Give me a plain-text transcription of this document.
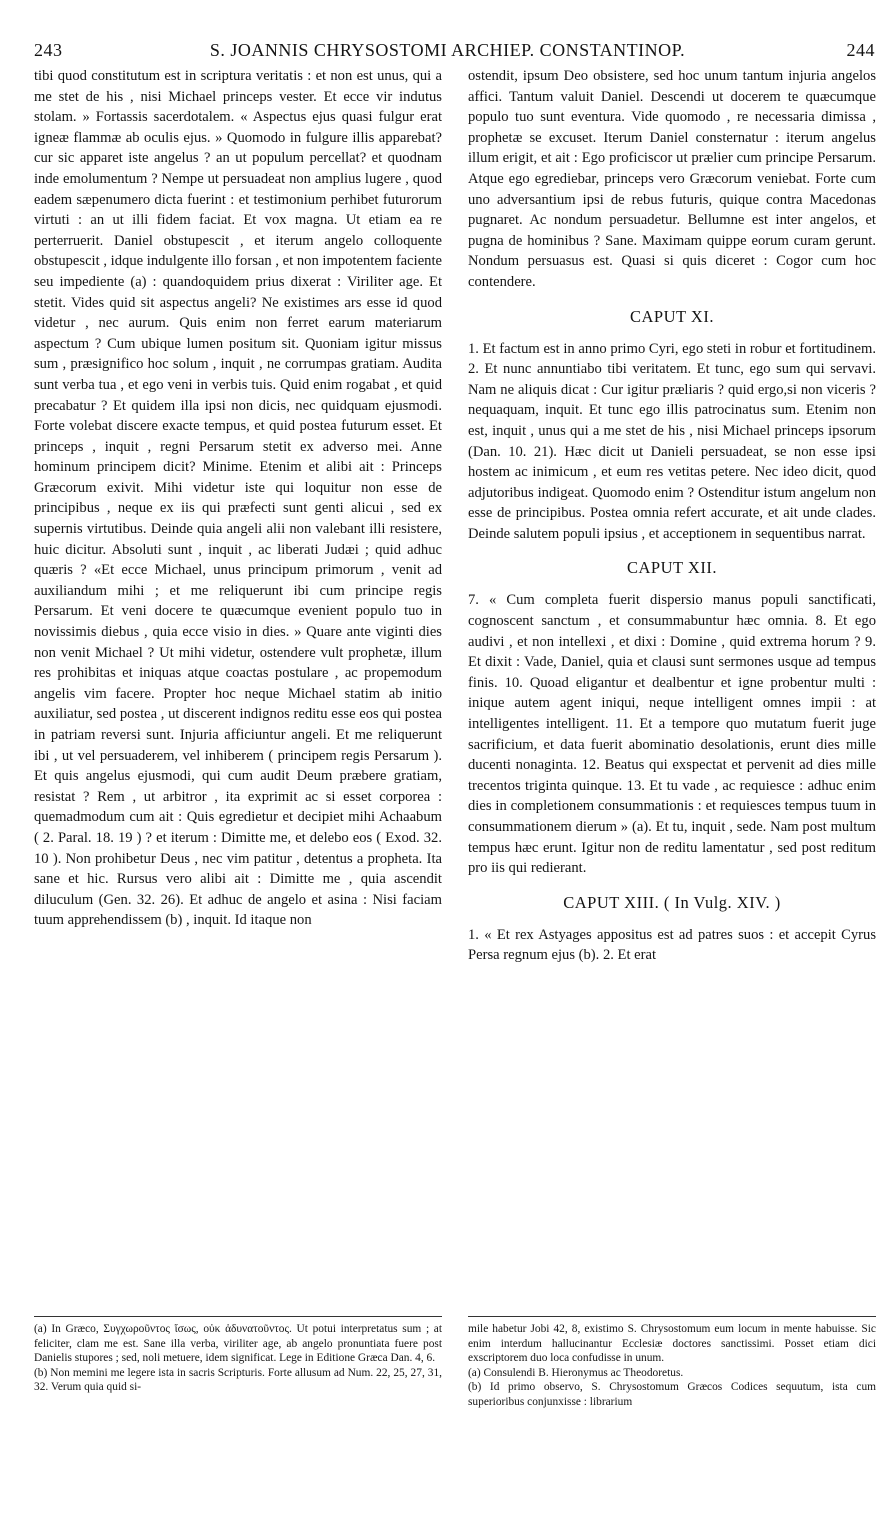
243	S. JOANNIS CHRYSOSTOMI ARCHIEP. CONSTANTINOP.	244

tibi quod constitutum est in scriptura veritatis : et non est unus, qui a me stet de his , nisi Michael princeps vester. Et ecce vir indutus stolam. » Fortassis sacerdotalem. « Aspectus ejus quasi fulgur erat igneæ flammæ ab oculis ejus. » Quomodo in fulgure illis apparebat? cur sic apparet iste angelus ? an ut populum percellat? et quodnam inde emolumentum ? Nempe ut persuadeat non amplius lugere , quod eadem sæpenumero dicta fuerint : et testimonium perhibet futurorum virtuti : an ut illi fidem faciat. Et vox magna. Ut etiam ea re perterruerit. Daniel obstupescit , et iterum angelo colloquente obstupescit , idque indulgente illo forsan , et non impotentem faciente seu impediente (a) : quandoquidem prius dixerat : Viriliter age. Et stetit. Vides quid sit aspectus angeli? Ne existimes ars esse id quod videtur , nec aurum. Quis enim non ferret earum materiarum aspectum ? Cum ubique lumen positum sit. Quoniam igitur missus sum , præsignifico hoc solum , inquit , ne corrumpas gratiam. Audita sunt verba tua , et ego veni in verbis tuis. Quid enim rogabat , et quid precabatur ? Et quidem illa ipsi non dicis, nec quidquam ejusmodi. Forte volebat discere exacte tempus, et quid postea futurum esset. Et princeps , inquit , regni Persarum stetit ex adverso mei. Anne hominum principem dicit? Minime. Etenim et alibi ait : Princeps Græcorum exivit. Mihi videtur iste qui loquitur non esse de principibus , neque ex iis qui præfecti sunt genti alicui , sed ex supernis virtutibus. Deinde quia angeli alii non valebant illi resistere, huic dicitur. Absoluti sunt , inquit , ac liberati Judæi ; quid adhuc quæris ? «Et ecce Michael, unus principum primorum , venit ad auxiliandum mihi ; et me reliquerunt ibi cum principe regis Persarum. Et veni docere te quæcumque evenient populo tuo in novissimis diebus , quia ecce visio in dies. » Quare ante viginti dies non venit Michael ? Ut mihi videtur, ostendere vult prophetæ, illum res prohibitas et iniquas atque coactas postulare , ac propemodum angelis vim facere. Propter hoc neque Michael statim ab initio auxiliatur, sed postea , ut discerent indignos reditu esse eos qui postea in patriam reversi sunt. Injuria afficiuntur angeli. Et me reliquerunt ibi , ut vel persuaderem, vel inhiberem ( principem regis Persarum ). Et quis angelus ejusmodi, qui cum audit Deum præbere gratiam, resistat ? Rem , ut arbitror , ita exprimit ac si esset corporea : quemadmodum cum ait : Quis egredietur et decipiet mihi Achaabum ( 2. Paral. 18. 19 ) ? et iterum : Dimitte me, et delebo eos ( Exod. 32. 10 ). Non prohibetur Deus , nec vim patitur , detentus a propheta. Ita sane et hic. Rursus vero alibi ait : Dimitte me , quia ascendit diluculum (Gen. 32. 26). Et adhuc de angelo et asina : Nisi faciam tuum apprehendissem (b) , inquit. Id itaque non

(a) In Græco, Συγχωροῦντος ἴσως, οὐκ ἀδυνατοῦντος. Ut potui interpretatus sum ; at feliciter, clam me est. Sane illa verba, viriliter age, ab angelo pronuntiata fuere post Danielis stupores ; sed, noli metuere, idem significat. Lege in Editione Græca Dan. 4, 6.
(b) Non memini me legere ista in sacris Scripturis. Forte allusum ad Num. 22, 25, 27, 31, 32. Verum quia quid si-

ostendit, ipsum Deo obsistere, sed hoc unum tantum injuria angelos affici. Tantum valuit Daniel. Descendi ut docerem te quæcumque populo tuo sunt eventura. Vide quomodo , re necessaria dimissa , prophetæ se excuset. Iterum Daniel consternatur : iterum angelus illum erigit, et ait : Ego proficiscor ut prælier cum principe Persarum. Atque ego egrediebar, princeps vero Græcorum veniebat. Forte cum uno adversantium ipsi de rebus futuris, quique contra Macedonas pugnaret. Ac nondum persuadetur. Bellumne est inter angelos, et pugna de hominibus ? Sane. Maximam quippe eorum curam gerunt. Nondum persuasus est. Quasi si quis diceret : Cogor cum hoc contendere.

CAPUT XI.

1. Et factum est in anno primo Cyri, ego steti in robur et fortitudinem. 2. Et nunc annuntiabo tibi veritatem. Et tunc, ego sum qui servavi. Nam ne aliquis dicat : Cur igitur præliaris ? quid ergo,si non viceris ? nequaquam, inquit. Et tunc ego illis patrocinatus sum. Etenim non est, inquit , unus qui a me stet de his , nisi Michael princeps ipsorum (Dan. 10. 21). Hæc dicit ut Danieli persuadeat, se non esse ipsi hostem ac inimicum , et eum res vetitas petere. Nec ideo dicit, quod adjutoribus indigeat. Quomodo enim ? Ostenditur istum angelum non esse de principibus. Postea omnia refert accurate, et ait unde clades. Deinde salutem populi ipsius , et acceptionem in sequentibus narrat.

CAPUT XII.

7. « Cum completa fuerit dispersio manus populi sanctificati, cognoscent sanctum , et consummabuntur hæc omnia. 8. Et ego audivi , et non intellexi , et dixi : Domine , quid extrema horum ? 9. Et dixit : Vade, Daniel, quia et clausi sunt sermones usque ad tempus finis. 10. Quoad eligantur et dealbentur et igne probentur multi : inique autem agent iniqui, neque intelligent omnes impii : at intelligentes intelligent. 11. Et a tempore quo mutatum fuerit juge sacrificium, et data fuerit abominatio desolationis, erunt dies mille ducenti nonaginta. 12. Beatus qui exspectat et pervenit ad dies mille trecentos triginta quinque. 13. Et tu vade , ac requiesce : adhuc enim dies in completionem consummationis : et requiesces tempus tuum in consummationem dierum » (a). Et tu, inquit , sede. Nam post multum tempus hæc erunt. Igitur non de reditu lamentatur , sed post reditum pro iis qui redierant.

CAPUT XIII. ( In Vulg. XIV. )

1. « Et rex Astyages appositus est ad patres suos : et accepit Cyrus Persa regnum ejus (b). 2. Et erat

mile habetur Jobi 42, 8, existimo S. Chrysostomum eum locum in mente habuisse. Sic enim interdum hallucinantur Ecclesiæ doctores sanctissimi. Posset etiam dici exscriptorem duo loca confudisse in unum.
(a) Consulendi B. Hieronymus ac Theodoretus.
(b) Id primo observo, S. Chrysostomum Græcos Codices sequutum, ista cum superioribus conjunxisse : librarium
